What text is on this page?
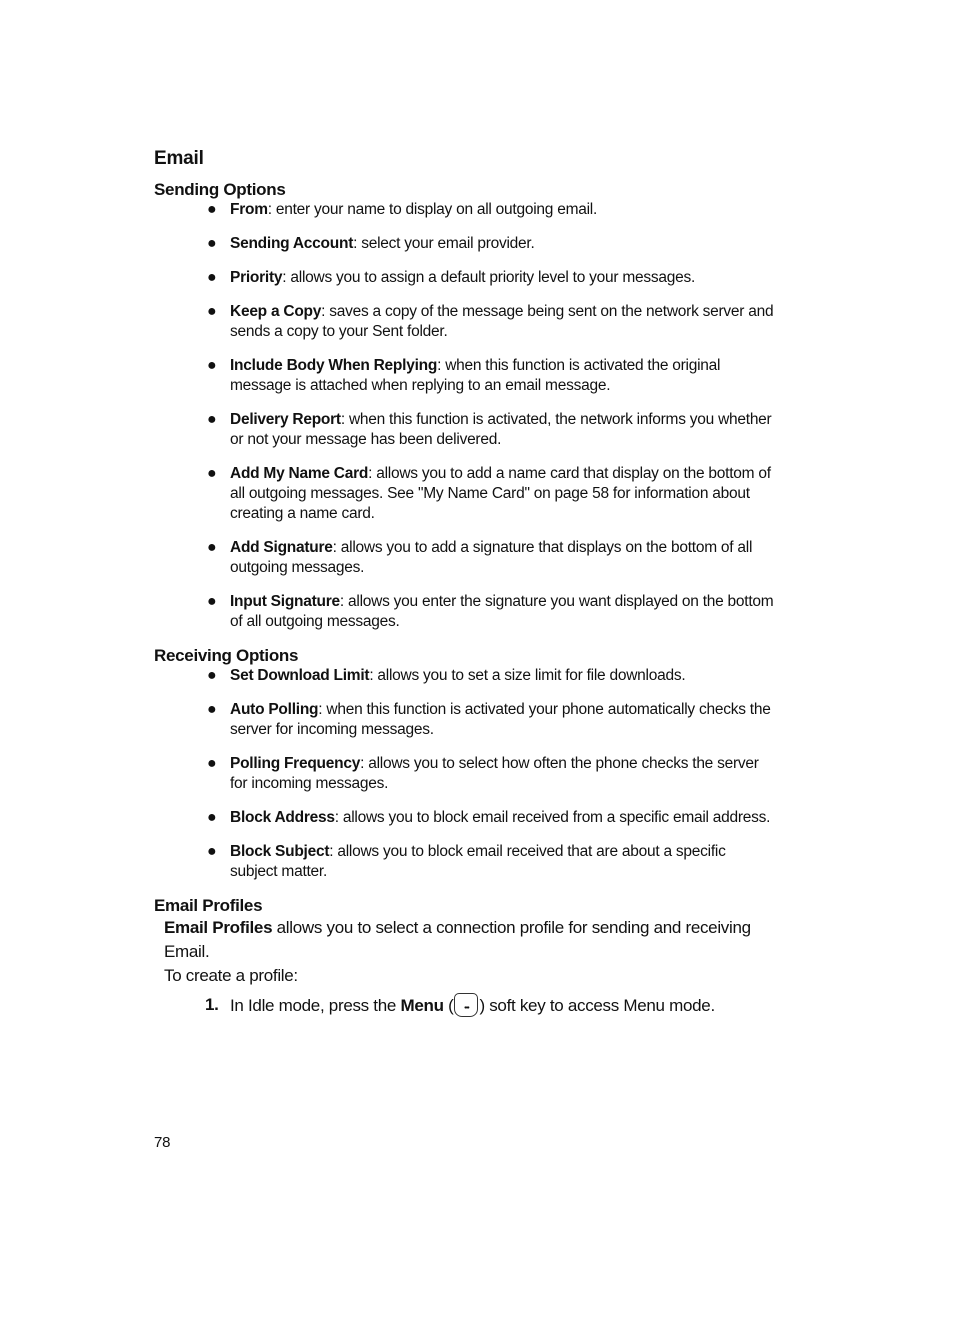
Email
Sending Options
● From: enter your name to display on all outgoing email.
● Sending Account: select your email provider.
● Priority: allows you to assign a default priority level to your messages.
● Keep a Copy: saves a copy of the message being sent on the network server and sends a copy to your Sent folder.
● Include Body When Replying: when this function is activated the original message is attached when replying to an email message.
● Delivery Report: when this function is activated, the network informs you whether or not your message has been delivered.
● Add My Name Card: allows you to add a name card that display on the bottom of all outgoing messages. See "My Name Card" on page 58 for information about creating a name card.
● Add Signature: allows you to add a signature that displays on the bottom of all outgoing messages.
● Input Signature: allows you enter the signature you want displayed on the bottom of all outgoing messages.
Receiving Options
● Set Download Limit: allows you to set a size limit for file downloads.
● Auto Polling: when this function is activated your phone automatically checks the server for incoming messages.
● Polling Frequency: allows you to select how often the phone checks the server for incoming messages.
● Block Address: allows you to block email received from a specific email address.
● Block Subject: allows you to block email received that are about a specific subject matter.
Email Profiles

Email Profiles allows you to select a connection profile for sending and receiving Email.

To create a profile:

1. In Idle mode, press the Menu (••• ) soft key to access Menu mode.
78
